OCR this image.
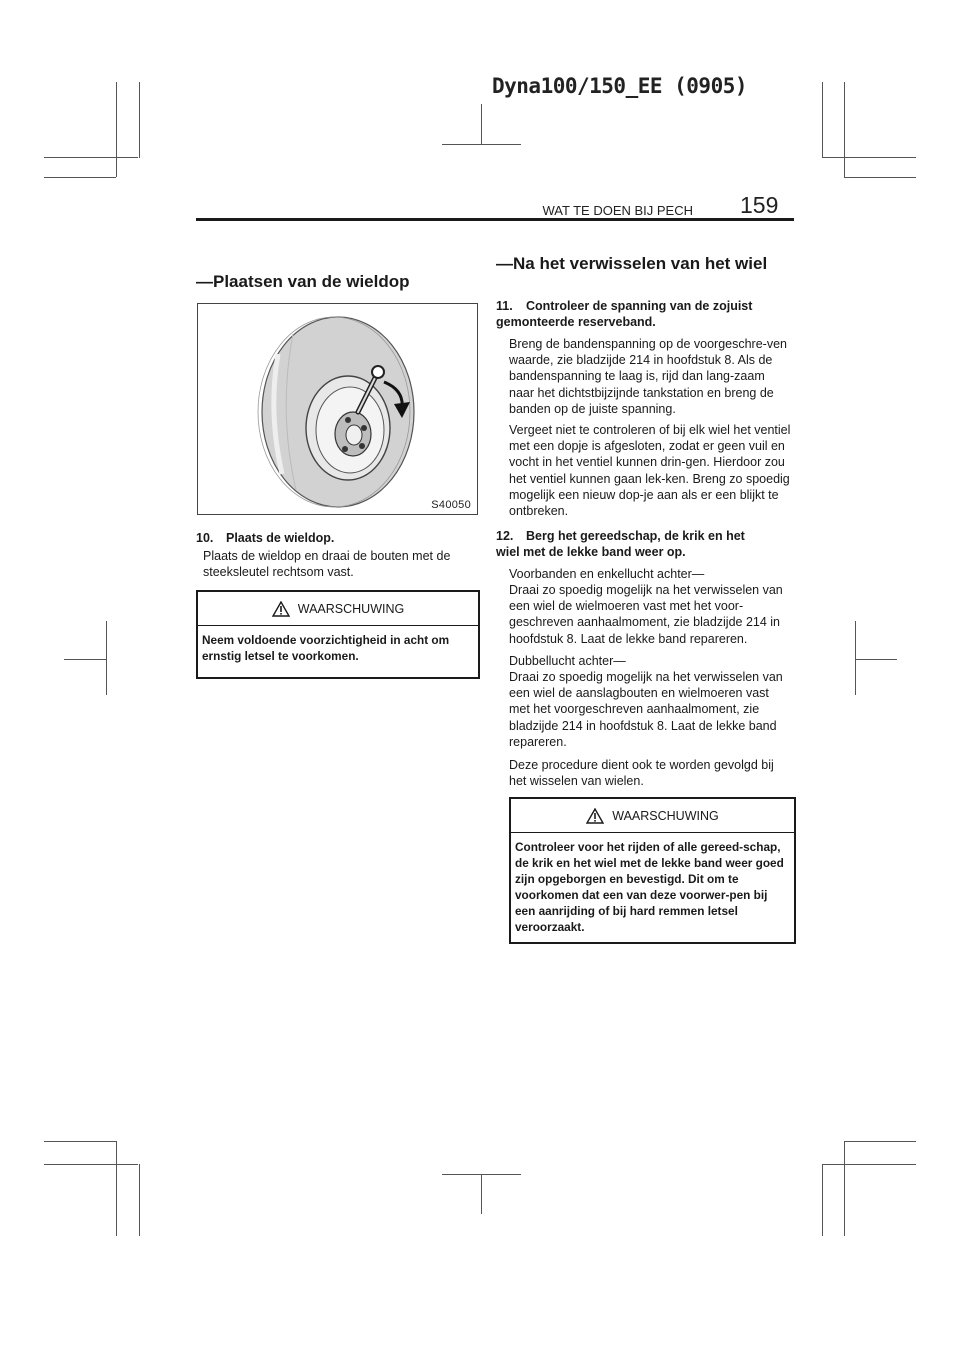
Dyna100/150_EE (0905)
WAT TE DOEN BIJ PECH 159
—Plaatsen van de wieldop
S40050
10.	Plaats de wieldop.
Plaats de wieldop en draai de bouten met de steeksleutel rechtsom vast.
WAARSCHUWING
Neem voldoende voorzichtigheid in acht om ernstig letsel te voorkomen.
—Na het verwisselen van het wiel
11.	Controleer de spanning van de zojuist gemonteerde reserveband.
Breng de bandenspanning op de voorgeschre-ven waarde, zie bladzijde 214 in hoofdstuk 8. Als de bandenspanning te laag is, rijd dan lang-zaam naar het dichtstbijzijnde tankstation en breng de banden op de juiste spanning.
Vergeet niet te controleren of bij elk wiel het ventiel met een dopje is afgesloten, zodat er geen vuil en vocht in het ventiel kunnen drin-gen. Hierdoor zou het ventiel kunnen gaan lek-ken. Breng zo spoedig mogelijk een nieuw dop-je aan als er een blijkt te ontbreken.
12.	Berg het gereedschap, de krik en het wiel met de lekke band weer op.
Voorbanden en enkellucht achter—
Draai zo spoedig mogelijk na het verwisselen van een wiel de wielmoeren vast met het voor-geschreven aanhaalmoment, zie bladzijde 214 in hoofdstuk 8. Laat de lekke band repareren.
Dubbellucht achter—
Draai zo spoedig mogelijk na het verwisselen van een wiel de aanslagbouten en wielmoeren vast met het voorgeschreven aanhaalmoment, zie bladzijde 214 in hoofdstuk 8. Laat de lekke band repareren.
Deze procedure dient ook te worden gevolgd bij het wisselen van wielen.
WAARSCHUWING
Controleer voor het rijden of alle gereed-schap, de krik en het wiel met de lekke band weer goed zijn opgeborgen en bevestigd. Dit om te voorkomen dat een van deze voorwer-pen bij een aanrijding of bij hard remmen letsel veroorzaakt.
